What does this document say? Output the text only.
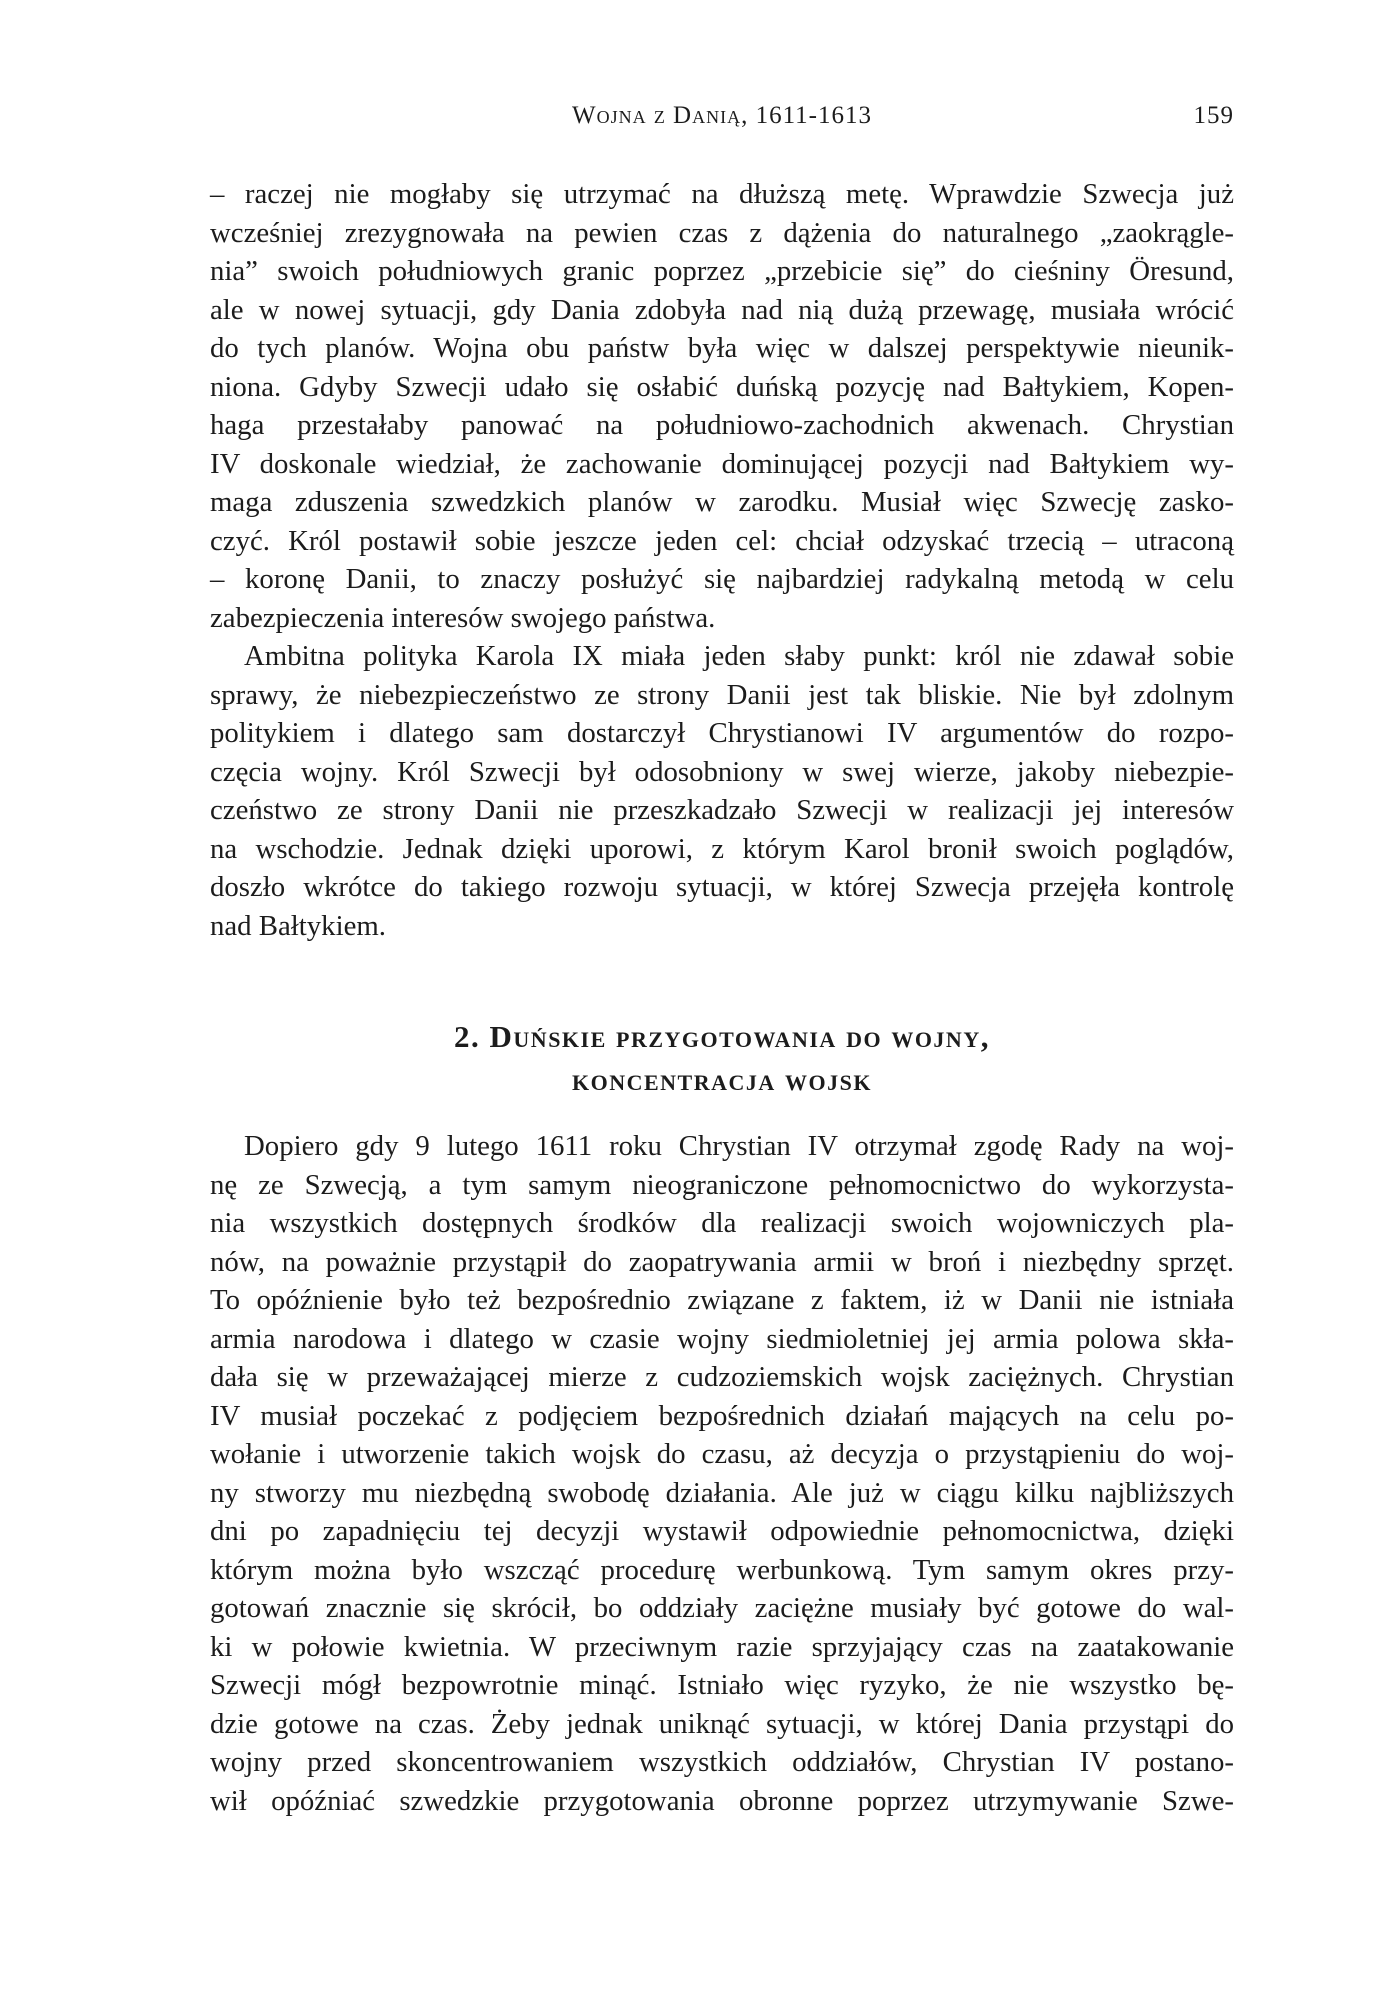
Wojna z Danią, 1611-1613	159
– raczej nie mogłaby się utrzymać na dłuższą metę. Wprawdzie Szwecja już
wcześniej zrezygnowała na pewien czas z dążenia do naturalnego „zaokrągle-
nia” swoich południowych granic poprzez „przebicie się” do cieśniny Öresund,
ale w nowej sytuacji, gdy Dania zdobyła nad nią dużą przewagę, musiała wrócić
do tych planów. Wojna obu państw była więc w dalszej perspektywie nieunik-
niona. Gdyby Szwecji udało się osłabić duńską pozycję nad Bałtykiem, Kopen-
haga przestałaby panować na południowo-zachodnich akwenach. Chrystian
IV doskonale wiedział, że zachowanie dominującej pozycji nad Bałtykiem wy-
maga zduszenia szwedzkich planów w zarodku. Musiał więc Szwecję zasko-
czyć. Król postawił sobie jeszcze jeden cel: chciał odzyskać trzecią – utraconą
– koronę Danii, to znaczy posłużyć się najbardziej radykalną metodą w celu
zabezpieczenia interesów swojego państwa.
Ambitna polityka Karola IX miała jeden słaby punkt: król nie zdawał sobie
sprawy, że niebezpieczeństwo ze strony Danii jest tak bliskie. Nie był zdolnym
politykiem i dlatego sam dostarczył Chrystianowi IV argumentów do rozpo-
częcia wojny. Król Szwecji był odosobniony w swej wierze, jakoby niebezpie-
czeństwo ze strony Danii nie przeszkadzało Szwecji w realizacji jej interesów
na wschodzie. Jednak dzięki uporowi, z którym Karol bronił swoich poglądów,
doszło wkrótce do takiego rozwoju sytuacji, w której Szwecja przejęła kontrolę
nad Bałtykiem.
2. Duńskie przygotowania do wojny,
koncentracja wojsk
Dopiero gdy 9 lutego 1611 roku Chrystian IV otrzymał zgodę Rady na woj-
nę ze Szwecją, a tym samym nieograniczone pełnomocnictwo do wykorzysta-
nia wszystkich dostępnych środków dla realizacji swoich wojowniczych pla-
nów, na poważnie przystąpił do zaopatrywania armii w broń i niezbędny sprzęt.
To opóźnienie było też bezpośrednio związane z faktem, iż w Danii nie istniała
armia narodowa i dlatego w czasie wojny siedmioletniej jej armia polowa skła-
dała się w przeważającej mierze z cudzoziemskich wojsk zaciężnych. Chrystian
IV musiał poczekać z podjęciem bezpośrednich działań mających na celu po-
wołanie i utworzenie takich wojsk do czasu, aż decyzja o przystąpieniu do woj-
ny stworzy mu niezbędną swobodę działania. Ale już w ciągu kilku najbliższych
dni po zapadnięciu tej decyzji wystawił odpowiednie pełnomocnictwa, dzięki
którym można było wszcząć procedurę werbunkową. Tym samym okres przy-
gotowań znacznie się skrócił, bo oddziały zaciężne musiały być gotowe do wal-
ki w połowie kwietnia. W przeciwnym razie sprzyjający czas na zaatakowanie
Szwecji mógł bezpowrotnie minąć. Istniało więc ryzyko, że nie wszystko bę-
dzie gotowe na czas. Żeby jednak uniknąć sytuacji, w której Dania przystąpi do
wojny przed skoncentrowaniem wszystkich oddziałów, Chrystian IV postano-
wił opóźniać szwedzkie przygotowania obronne poprzez utrzymywanie Szwe-
